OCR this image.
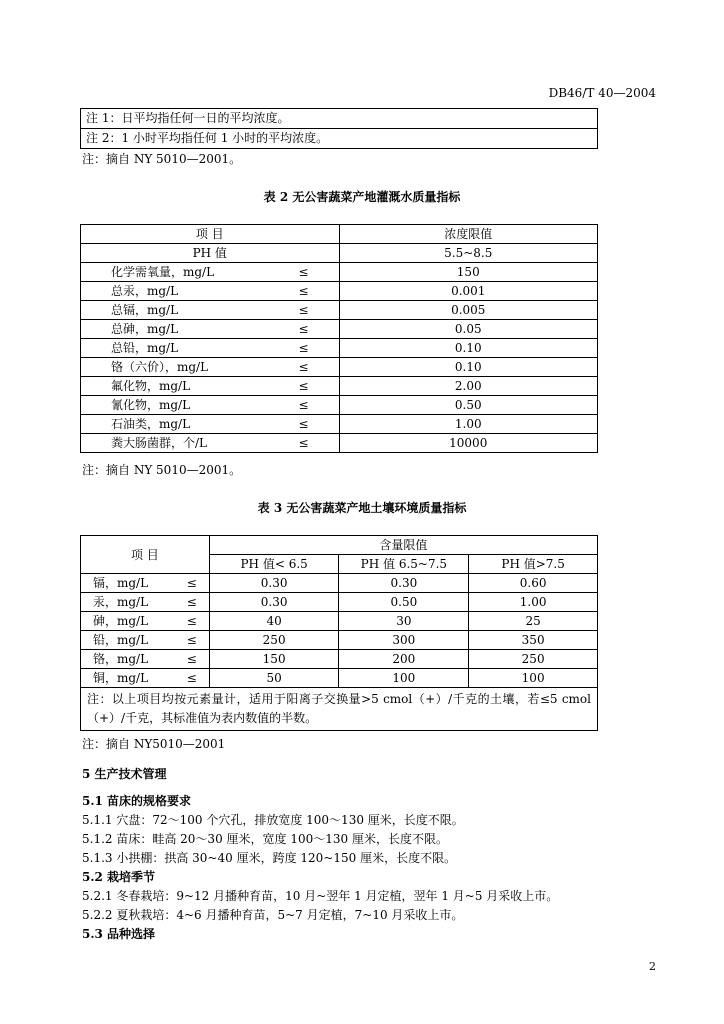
DB46/T 40—2004
注 1：日平均指任何一日的平均浓度。
注 2：1 小时平均指任何 1 小时的平均浓度。
注：摘自 NY 5010—2001。
表 2 无公害蔬菜产地灌溉水质量指标
项 目	浓度限值
PH 值	5.5~8.5
化学需氧量，mg/L ≤	150
总汞，mg/L ≤	0.001
总镉，mg/L ≤	0.005
总砷，mg/L ≤	0.05
总铅，mg/L ≤	0.10
铬（六价），mg/L ≤	0.10
氟化物，mg/L ≤	2.00
氰化物，mg/L ≤	0.50
石油类，mg/L ≤	1.00
粪大肠菌群，个/L ≤	10000
注：摘自 NY 5010—2001。
表 3 无公害蔬菜产地土壤环境质量指标
项 目	含量限值		
	PH 值< 6.5	PH 值 6.5~7.5	PH 值>7.5
镉，mg/L ≤	0.30	0.30	0.60
汞，mg/L ≤	0.30	0.50	1.00
砷，mg/L ≤	40	30	25
铅，mg/L ≤	250	300	350
铬，mg/L ≤	150	200	250
铜，mg/L ≤	50	100	100
注：以上项目均按元素量计，适用于阳离子交换量>5 cmol（+）/千克的土壤，若≤5 cmol（+）/千克，其标准值为表内数值的半数。			
注：摘自 NY5010—2001
5 生产技术管理
5.1 苗床的规格要求
5.1.1 穴盘：72～100 个穴孔，排放宽度 100～130 厘米，长度不限。
5.1.2 苗床：畦高 20～30 厘米，宽度 100～130 厘米，长度不限。
5.1.3 小拱棚：拱高 30~40 厘米，跨度 120~150 厘米，长度不限。
5.2 栽培季节
5.2.1 冬春栽培：9~12 月播种育苗，10 月~翌年 1 月定植，翌年 1 月~5 月采收上市。
5.2.2 夏秋栽培：4~6 月播种育苗，5~7 月定植，7~10 月采收上市。
5.3 品种选择
2
